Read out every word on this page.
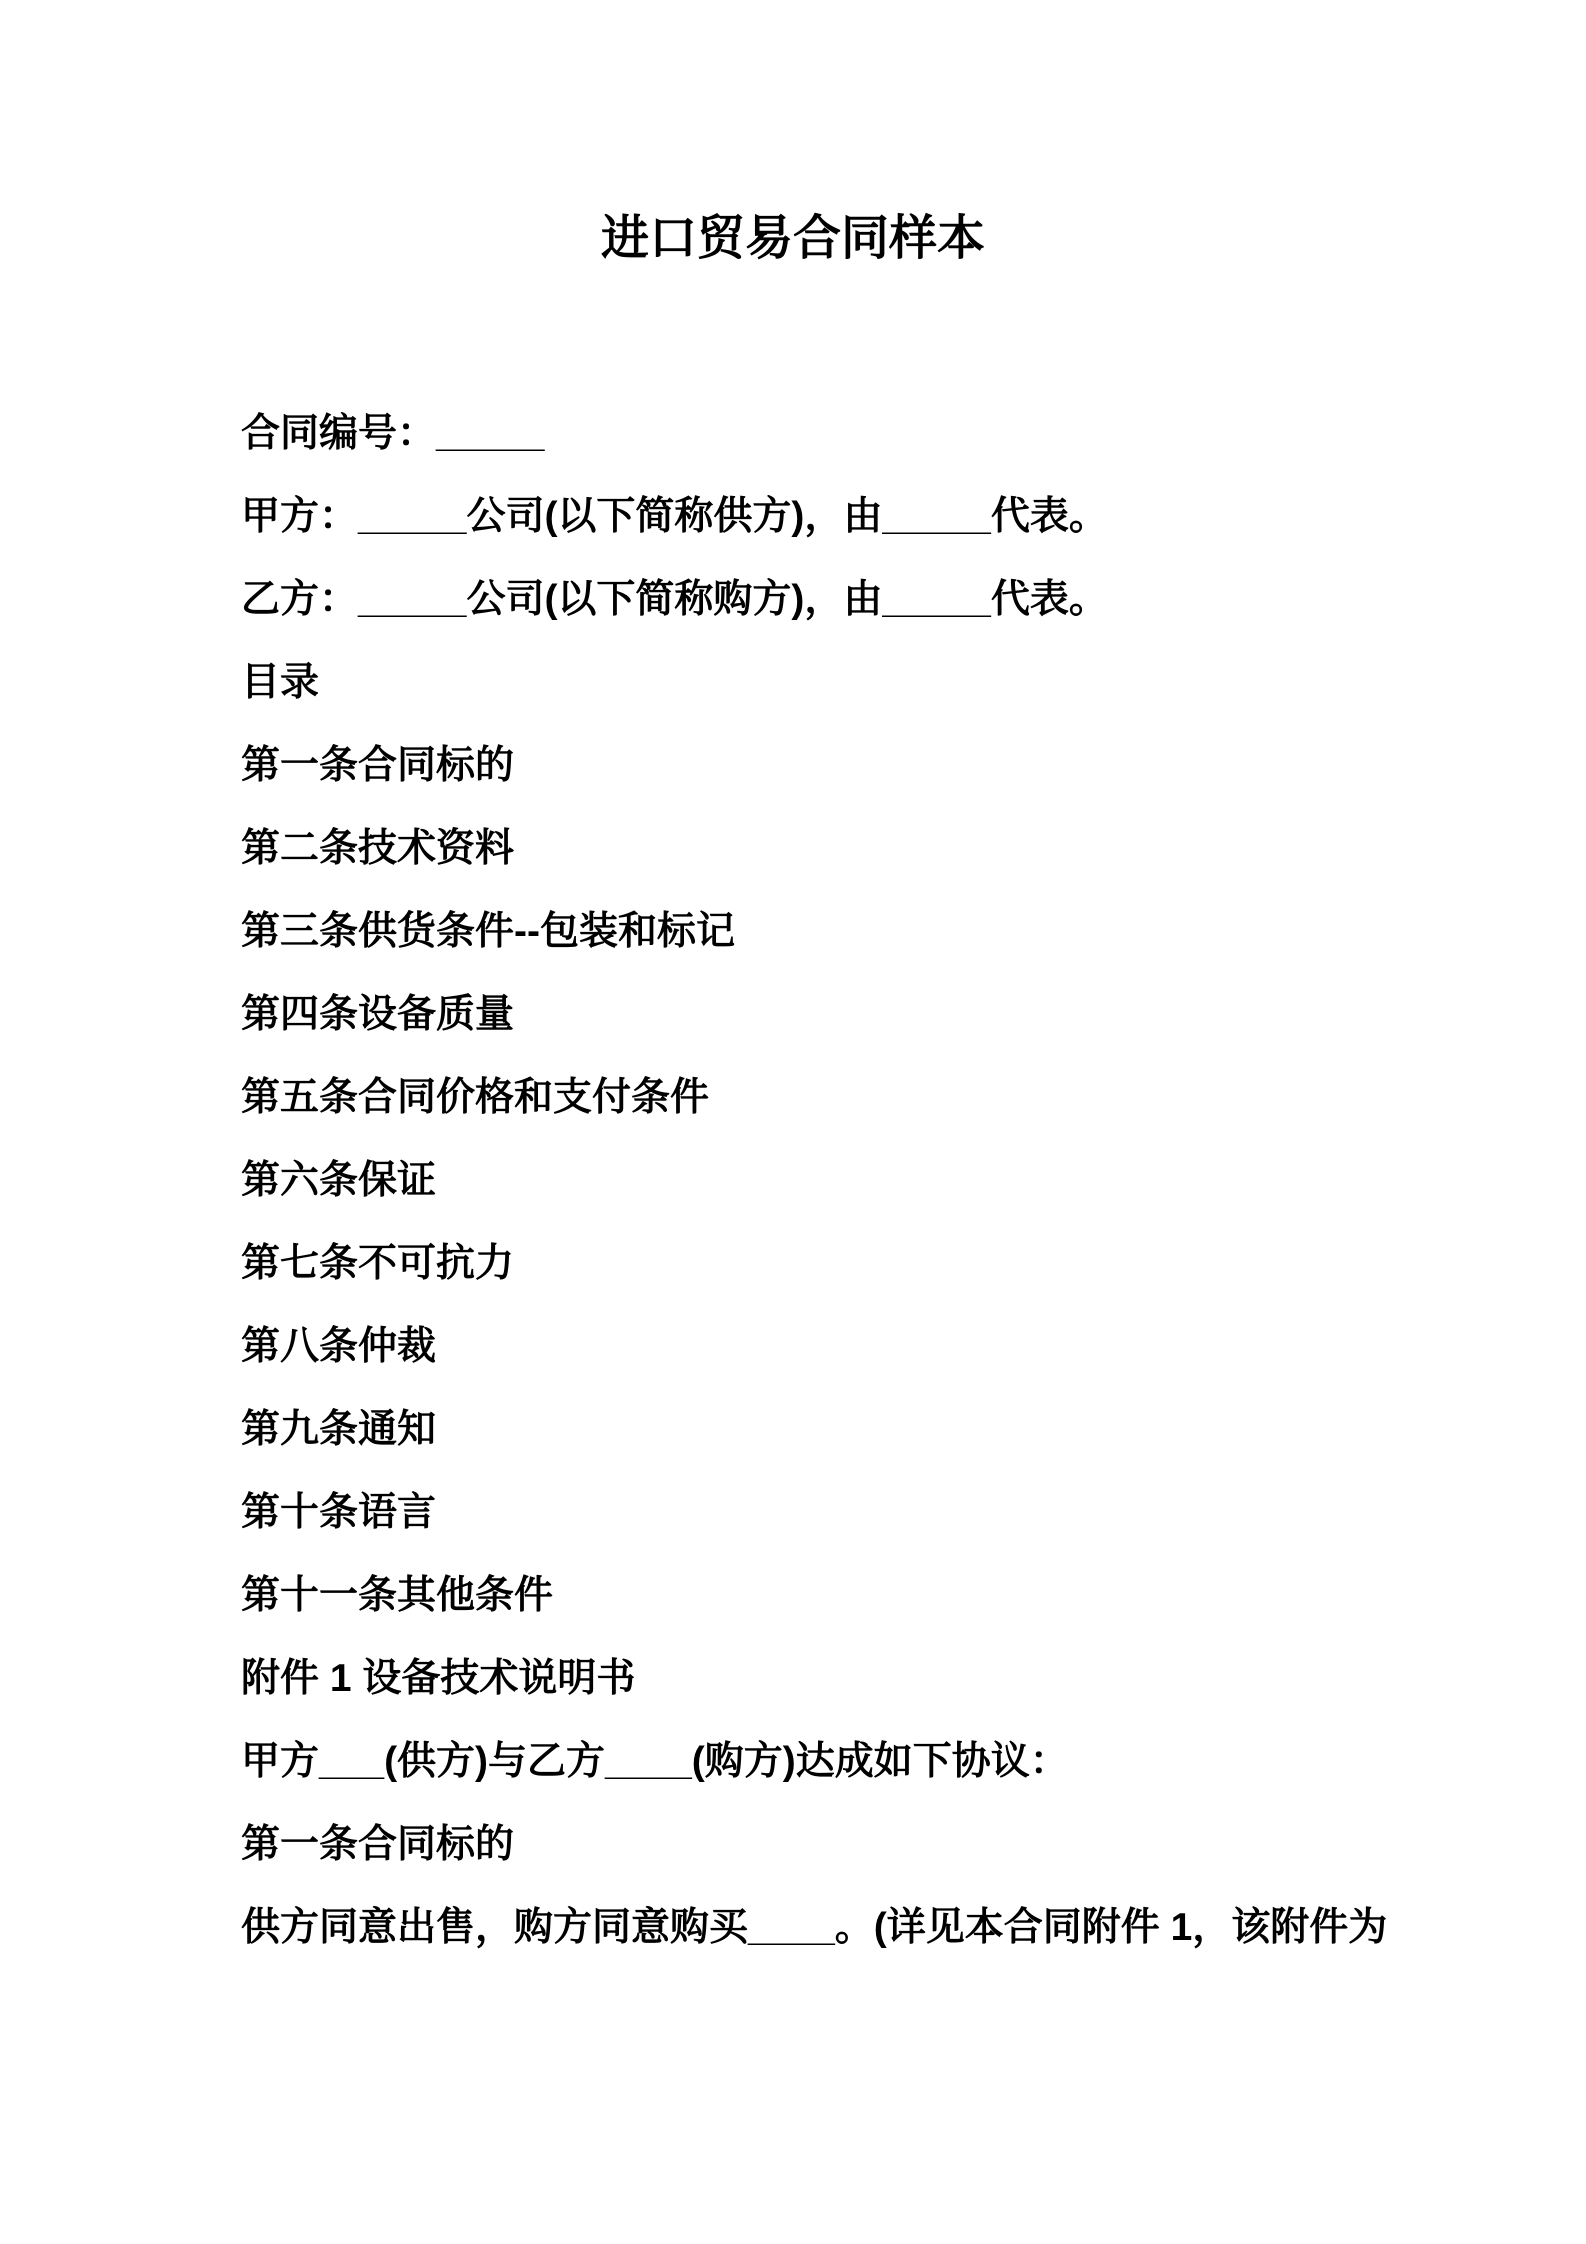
进口贸易合同样本

合同编号：_____

甲方：_____公司(以下简称供方)，由_____代表。

乙方：_____公司(以下简称购方)，由_____代表。

目录

第一条合同标的

第二条技术资料

第三条供货条件--包装和标记

第四条设备质量

第五条合同价格和支付条件

第六条保证

第七条不可抗力

第八条仲裁

第九条通知

第十条语言

第十一条其他条件

附件 1 设备技术说明书

甲方___(供方)与乙方____(购方)达成如下协议：

第一条合同标的

供方同意出售，购方同意购买____。(详见本合同附件 1，该附件为
